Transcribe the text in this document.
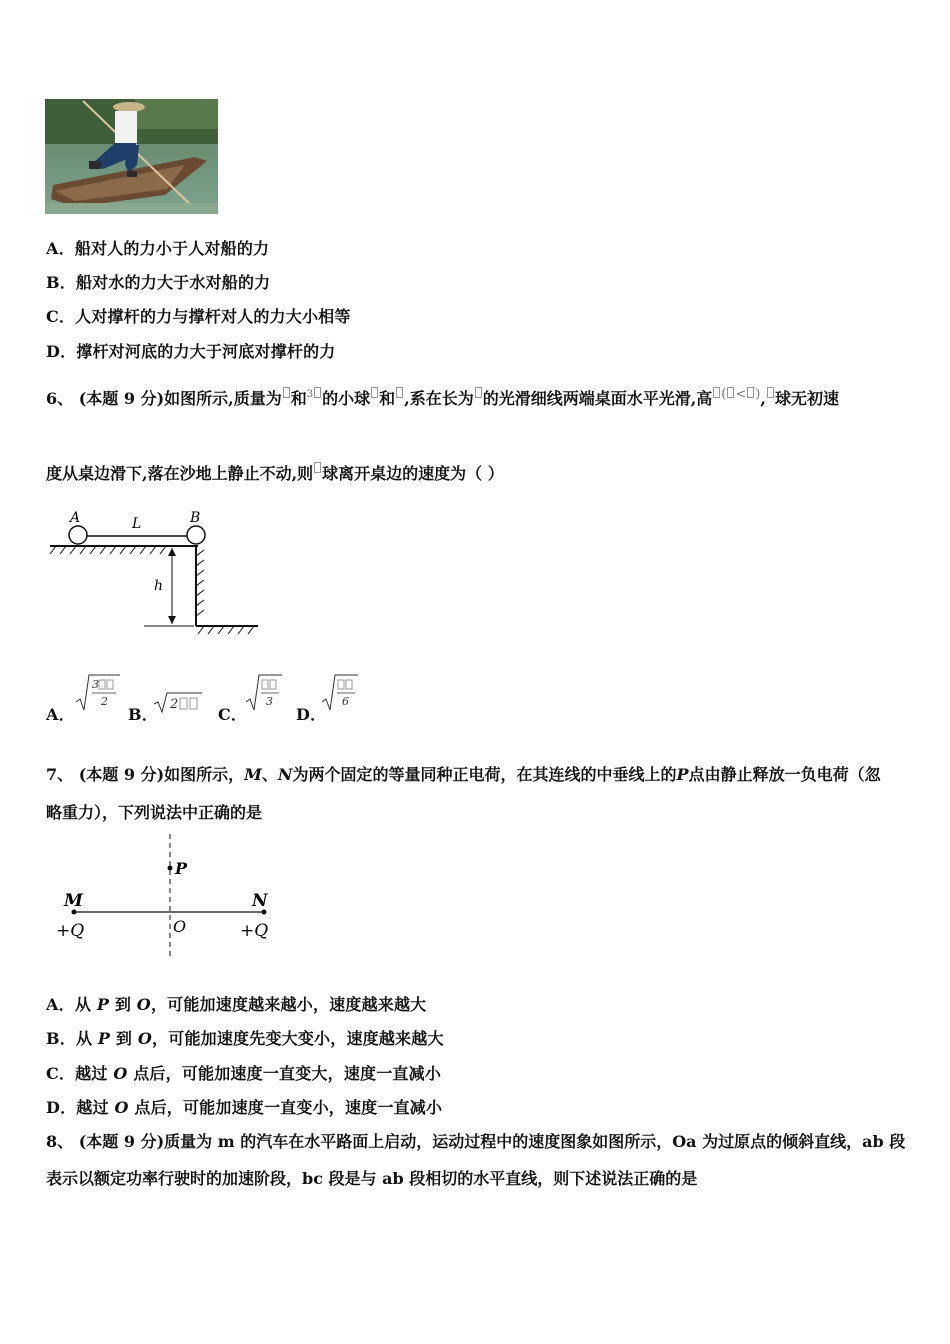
A．船对人的力小于人对船的力
B．船对水的力大于水对船的力
C．人对撑杆的力与撑杆对人的力大小相等
D．撑杆对河底的力大于河底对撑杆的力
6、 (本题 9 分)如图所示,质量为 和$^3$ 的小球 和 ,系在长为 的光滑细线两端桌面水平光滑,高 ( < ), 球无初速
度从桌边滑下,落在沙地上静止不动,则 球离开桌边的速度为（ ）
A	L	B
h
A．
3
2
B．
2
C．
3
D．
6
7、 (本题 9 分)如图所示，M、N为两个固定的等量同种正电荷，在其连线的中垂线上的P点由静止释放一负电荷（忽
略重力），下列说法中正确的是
P
M	N
O
+Q	+Q
A．从 P 到 O，可能加速度越来越小，速度越来越大
B．从 P 到 O，可能加速度先变大变小，速度越来越大
C．越过 O 点后，可能加速度一直变大，速度一直减小
D．越过 O 点后，可能加速度一直变小，速度一直减小
8、 (本题 9 分)质量为 m 的汽车在水平路面上启动，运动过程中的速度图象如图所示，Oa 为过原点的倾斜直线，ab 段
表示以额定功率行驶时的加速阶段，bc 段是与 ab 段相切的水平直线，则下述说法正确的是
